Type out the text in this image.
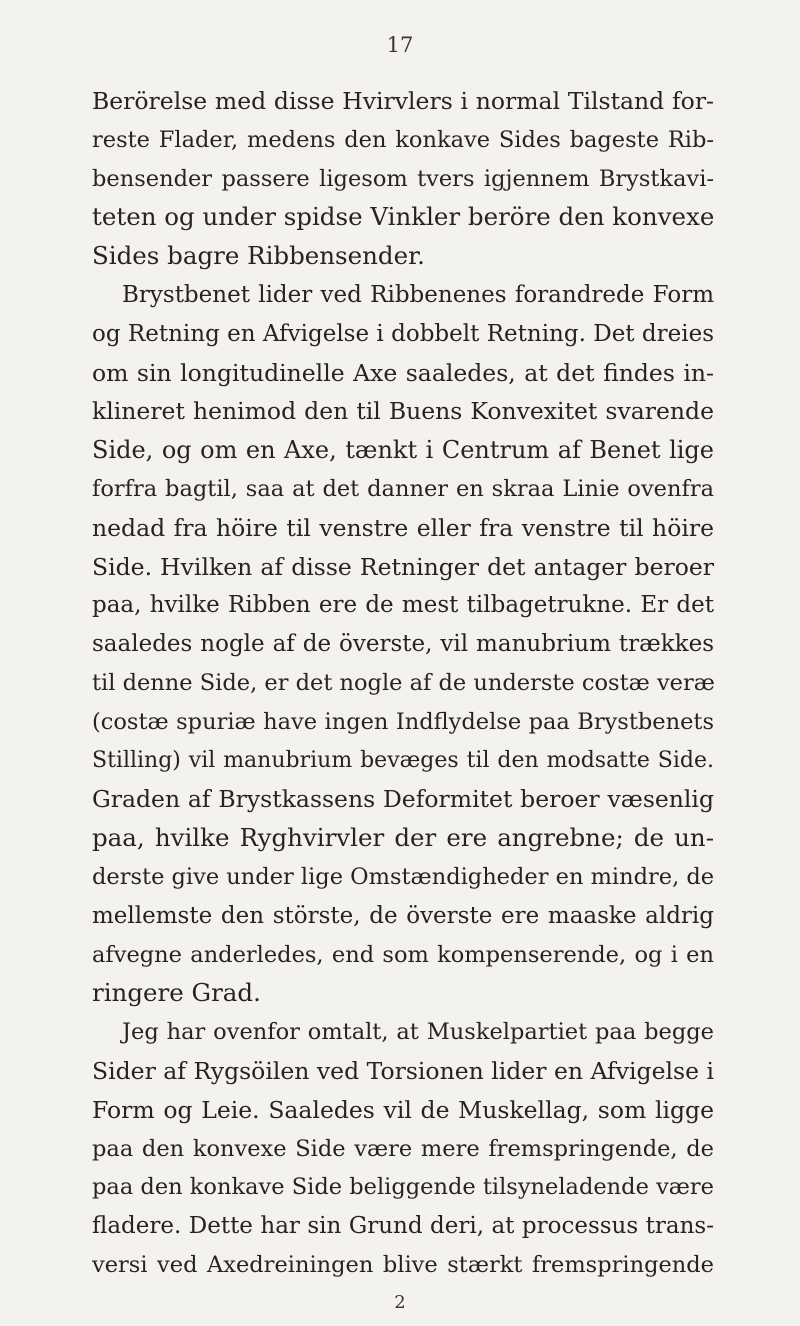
17
Berörelse med disse Hvirvlers i normal Tilstand for-
reste Flader, medens den konkave Sides bageste Rib-
bensender passere ligesom tvers igjennem Brystkavi-
teten og under spidse Vinkler beröre den konvexe
Sides bagre Ribbensender.
Brystbenet lider ved Ribbenenes forandrede Form
og Retning en Afvigelse i dobbelt Retning. Det dreies
om sin longitudinelle Axe saaledes, at det findes in-
klineret henimod den til Buens Konvexitet svarende
Side, og om en Axe, tænkt i Centrum af Benet lige
forfra bagtil, saa at det danner en skraa Linie ovenfra
nedad fra höire til venstre eller fra venstre til höire
Side. Hvilken af disse Retninger det antager beroer
paa, hvilke Ribben ere de mest tilbagetrukne. Er det
saaledes nogle af de överste, vil manubrium trækkes
til denne Side, er det nogle af de underste costæ veræ
(costæ spuriæ have ingen Indflydelse paa Brystbenets
Stilling) vil manubrium bevæges til den modsatte Side.
Graden af Brystkassens Deformitet beroer væsenlig
paa, hvilke Ryghvirvler der ere angrebne; de un-
derste give under lige Omstændigheder en mindre, de
mellemste den störste, de överste ere maaske aldrig
afvegne anderledes, end som kompenserende, og i en
ringere Grad.
Jeg har ovenfor omtalt, at Muskelpartiet paa begge
Sider af Rygsöilen ved Torsionen lider en Afvigelse i
Form og Leie. Saaledes vil de Muskellag, som ligge
paa den konvexe Side være mere fremspringende, de
paa den konkave Side beliggende tilsyneladende være
fladere. Dette har sin Grund deri, at processus trans-
versi ved Axedreiningen blive stærkt fremspringende
2
